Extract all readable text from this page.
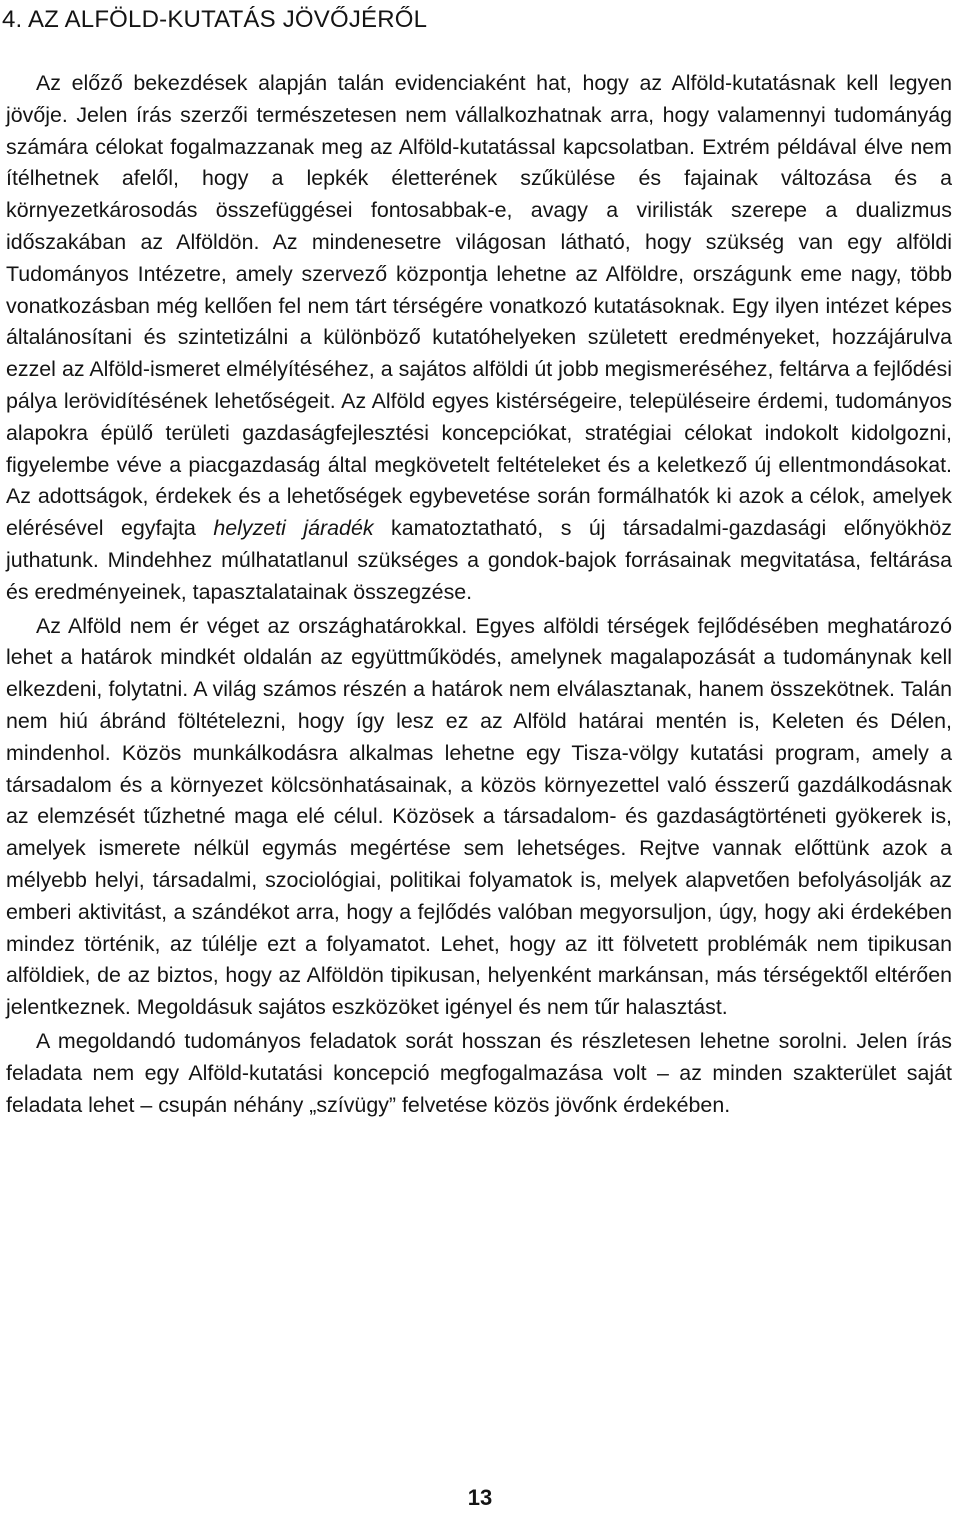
4. AZ ALFÖLD-KUTATÁS JÖVŐJÉRŐL

Az előző bekezdések alapján talán evidenciaként hat, hogy az Alföld-kutatásnak kell legyen jövője. Jelen írás szerzői természetesen nem vállalkozhatnak arra, hogy valamennyi tudományág számára célokat fogalmazzanak meg az Alföld-kutatással kapcsolatban. Extrém példával élve nem ítélhetnek afelől, hogy a lepkék életterének szűkülése és fajainak változása és a környezetkárosodás összefüggései fontosabbak-e, avagy a virilisták szerepe a dualizmus időszakában az Alföldön. Az mindenesetre világosan látható, hogy szükség van egy alföldi Tudományos Intézetre, amely szervező központja lehetne az Alföldre, országunk eme nagy, több vonatkozásban még kellően fel nem tárt térségére vonatkozó kutatásoknak. Egy ilyen intézet képes általánosítani és szintetizálni a különböző kutatóhelyeken született eredményeket, hozzájárulva ezzel az Alföld-ismeret elmélyítéséhez, a sajátos alföldi út jobb megismeréséhez, feltárva a fejlődési pálya lerövidítésének lehetőségeit. Az Alföld egyes kistérségeire, településeire érdemi, tudományos alapokra épülő területi gazdaságfejlesztési koncepciókat, stratégiai célokat indokolt kidolgozni, figyelembe véve a piacgazdaság által megkövetelt feltételeket és a keletkező új ellentmondásokat. Az adottságok, érdekek és a lehetőségek egybevetése során formálhatók ki azok a célok, amelyek elérésével egyfajta helyzeti járadék kamatoztatható, s új társadalmi-gazdasági előnyökhöz juthatunk. Mindehhez múlhatatlanul szükséges a gondok-bajok forrásainak megvitatása, feltárása és eredményeinek, tapasztalatainak összegzése.

Az Alföld nem ér véget az országhatárokkal. Egyes alföldi térségek fejlődésében meghatározó lehet a határok mindkét oldalán az együttműködés, amelynek magalapozását a tudománynak kell elkezdeni, folytatni. A világ számos részén a határok nem elválasztanak, hanem összekötnek. Talán nem hiú ábránd föltételezni, hogy így lesz ez az Alföld határai mentén is, Keleten és Délen, mindenhol. Közös munkálkodásra alkalmas lehetne egy Tisza-völgy kutatási program, amely a társadalom és a környezet kölcsönhatásainak, a közös környezettel való ésszerű gazdálkodásnak az elemzését tűzhetné maga elé célul. Közösek a társadalom- és gazdaságtörténeti gyökerek is, amelyek ismerete nélkül egymás megértése sem lehetséges. Rejtve vannak előttünk azok a mélyebb helyi, társadalmi, szociológiai, politikai folyamatok is, melyek alapvetően befolyásolják az emberi aktivitást, a szándékot arra, hogy a fejlődés valóban megyorsuljon, úgy, hogy aki érdekében mindez történik, az túlélje ezt a folyamatot. Lehet, hogy az itt fölvetett problémák nem tipikusan alföldiek, de az biztos, hogy az Alföldön tipikusan, helyenként markánsan, más térségektől eltérően jelentkeznek. Megoldásuk sajátos eszközöket igényel és nem tűr halasztást.

A megoldandó tudományos feladatok sorát hosszan és részletesen lehetne sorolni. Jelen írás feladata nem egy Alföld-kutatási koncepció megfogalmazása volt – az minden szakterület saját feladata lehet – csupán néhány „szívügy” felvetése közös jövőnk érdekében.

13
